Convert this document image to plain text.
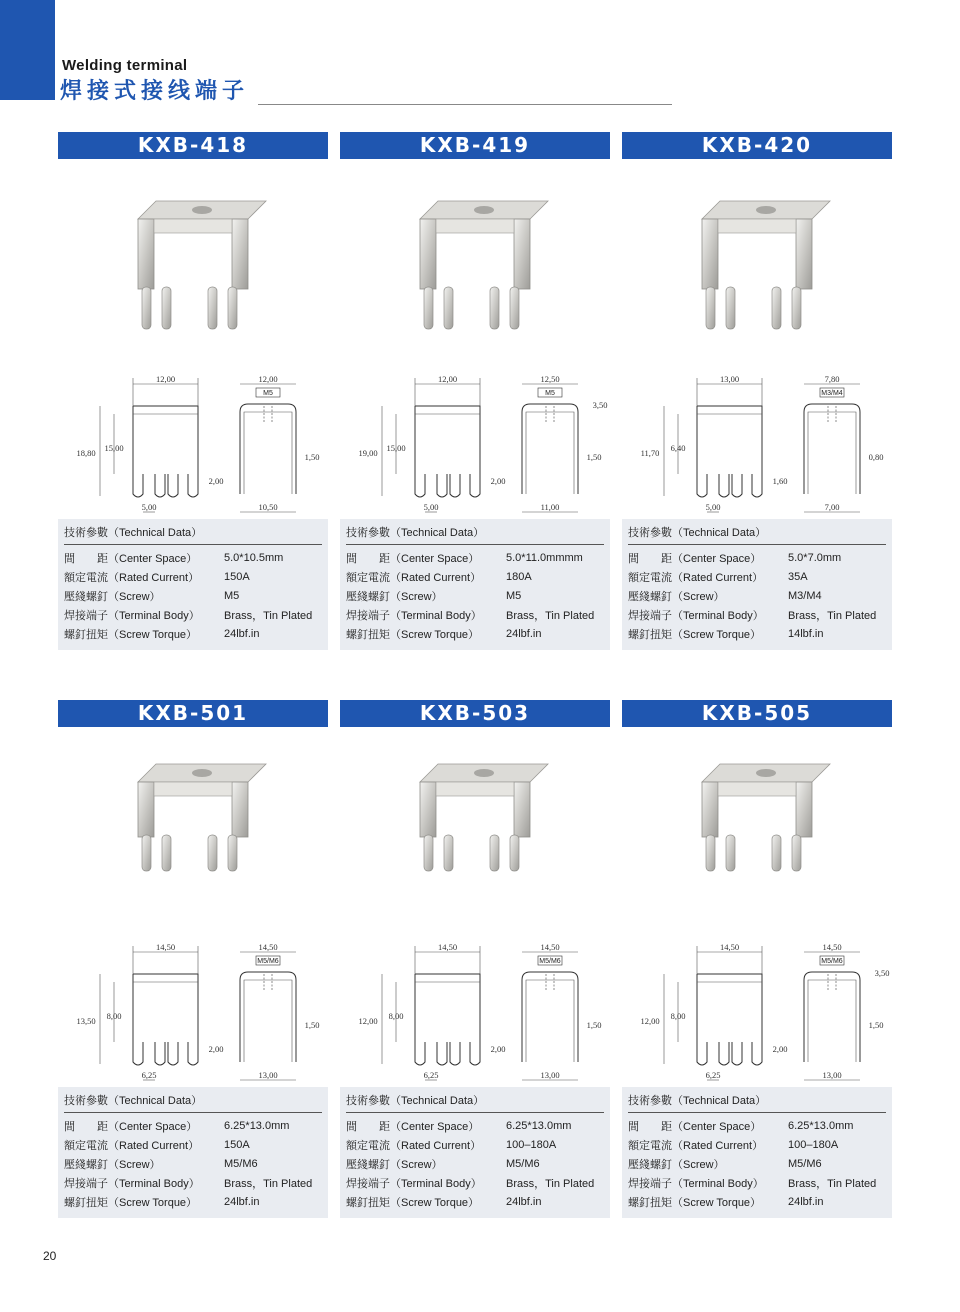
Welding terminal
焊接式接线端子
KXB-418
12,00
18,80 15,00
2,00
5,00
12,00
M5
1,50
10,50
技術參數（Technical Data）
間　　距（Center Space）	5.0*10.5mm
額定電流（Rated Current）	150A
壓綫螺釘（Screw）	M5
焊接端子（Terminal Body）	Brass，Tin Plated
螺釘扭矩（Screw Torque）	24lbf.in
KXB-419
12,00
19,00 15,00
2,00
5,00
12,50
M5
1,50
11,00
3,50
技術參數（Technical Data）
間　　距（Center Space）	5.0*11.0mmmm
額定電流（Rated Current）	180A
壓綫螺釘（Screw）	M5
焊接端子（Terminal Body）	Brass，Tin Plated
螺釘扭矩（Screw Torque）	24lbf.in
KXB-420
13,00
11,70 6,40
1,60
5,00
7,80
M3/M4
0,80
7,00
技術參數（Technical Data）
間　　距（Center Space）	5.0*7.0mm
額定電流（Rated Current）	35A
壓綫螺釘（Screw）	M3/M4
焊接端子（Terminal Body）	Brass，Tin Plated
螺釘扭矩（Screw Torque）	14lbf.in
KXB-501
14,50
13,50 8,00
2,00
6,25
14,50
M5/M6
1,50
13,00
技術參數（Technical Data）
間　　距（Center Space）	6.25*13.0mm
額定電流（Rated Current）	150A
壓綫螺釘（Screw）	M5/M6
焊接端子（Terminal Body）	Brass，Tin Plated
螺釘扭矩（Screw Torque）	24lbf.in
KXB-503
14,50
12,00 8,00
2,00
6,25
14,50
M5/M6
1,50
13,00
技術參數（Technical Data）
間　　距（Center Space）	6.25*13.0mm
額定電流（Rated Current）	100–180A
壓綫螺釘（Screw）	M5/M6
焊接端子（Terminal Body）	Brass，Tin Plated
螺釘扭矩（Screw Torque）	24lbf.in
KXB-505
14,50
12,00 8,00
2,00
6,25
14,50
M5/M6
1,50
13,00
3,50
技術參數（Technical Data）
間　　距（Center Space）	6.25*13.0mm
額定電流（Rated Current）	100–180A
壓綫螺釘（Screw）	M5/M6
焊接端子（Terminal Body）	Brass，Tin Plated
螺釘扭矩（Screw Torque）	24lbf.in
20
